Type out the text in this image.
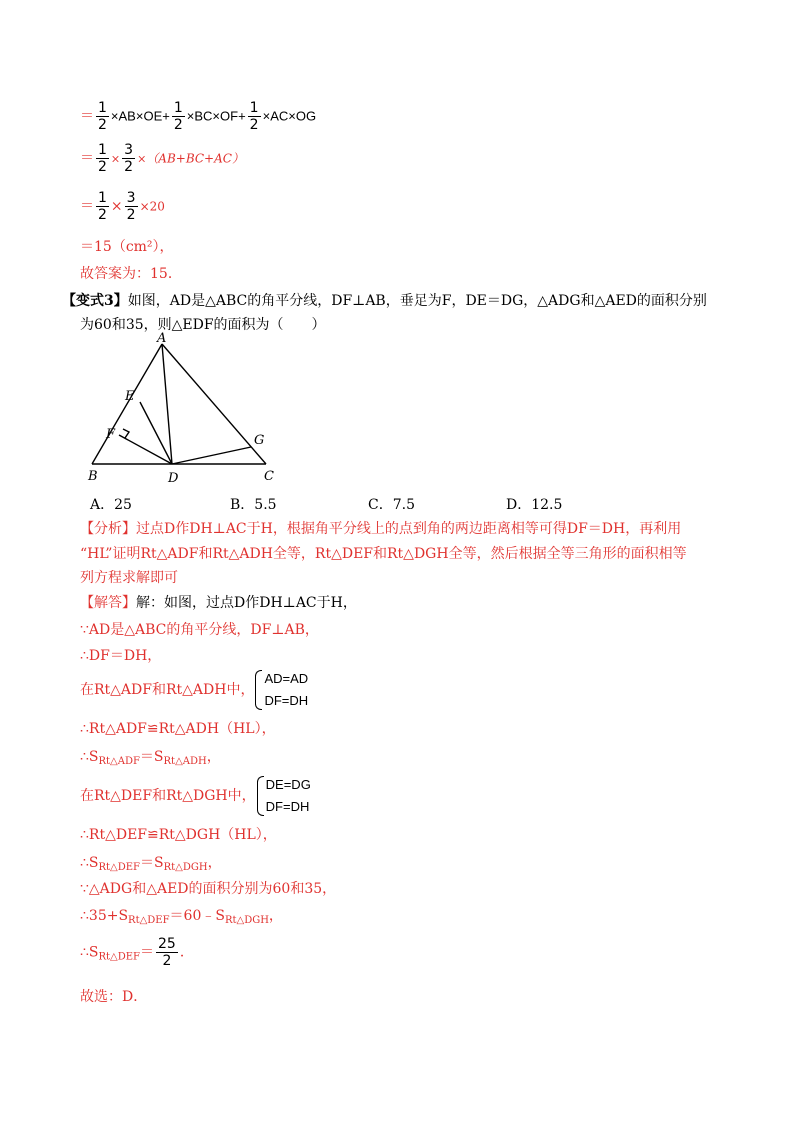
＝ $\frac{1}{2} \times AB\times OE+ \frac{1}{2} \times BC\times OF+ \frac{1}{2} \times AC\times OG$
＝ $\frac{1}{2} \times \frac{3}{2} \times(AB+BC+AC)$
＝ $\frac{1}{2} \times \frac{3}{2} \times 20$
＝15（cm²），
故答案为：15．
【变式3】如图，AD是△ABC的角平分线，DF⊥AB，垂足为F，DE＝DG，△ADG和△AED的面积分别
为60和35，则△EDF的面积为（　　）
A
E
F	G
B	D	C
A．25	B．5.5	C．7.5	D．12.5
【分析】过点D作DH⊥AC于H，根据角平分线上的点到角的两边距离相等可得DF＝DH，再利用
“HL”证明Rt△ADF和Rt△ADH全等，Rt△DEF和Rt△DGH全等，然后根据全等三角形的面积相等
列方程求解即可
【解答】解：如图，过点D作DH⊥AC于H，
∵AD是△ABC的角平分线，DF⊥AB，
∴DF＝DH，
在Rt△ADF和Rt△ADH中，
AD=AD
DF=DH
∴Rt△ADF≌Rt△ADH（HL），
$\therefore S_{Rt\triangle ADF}=S_{Rt\triangle ADH}$，
在Rt△DEF和Rt△DGH中，
DE=DG
DF=DH
∴Rt△DEF≌Rt△DGH（HL），
$\therefore S_{Rt\triangle DEF}=S_{Rt\triangle DGH}$，
∵△ADG和△AED的面积分别为60和35，
$\therefore 35+S_{Rt\triangle DEF}=60﹣S_{Rt\triangle DGH}$，
$\therefore S_{Rt\triangle DEF}= \frac{25}{2}$ ．
故选：D．
